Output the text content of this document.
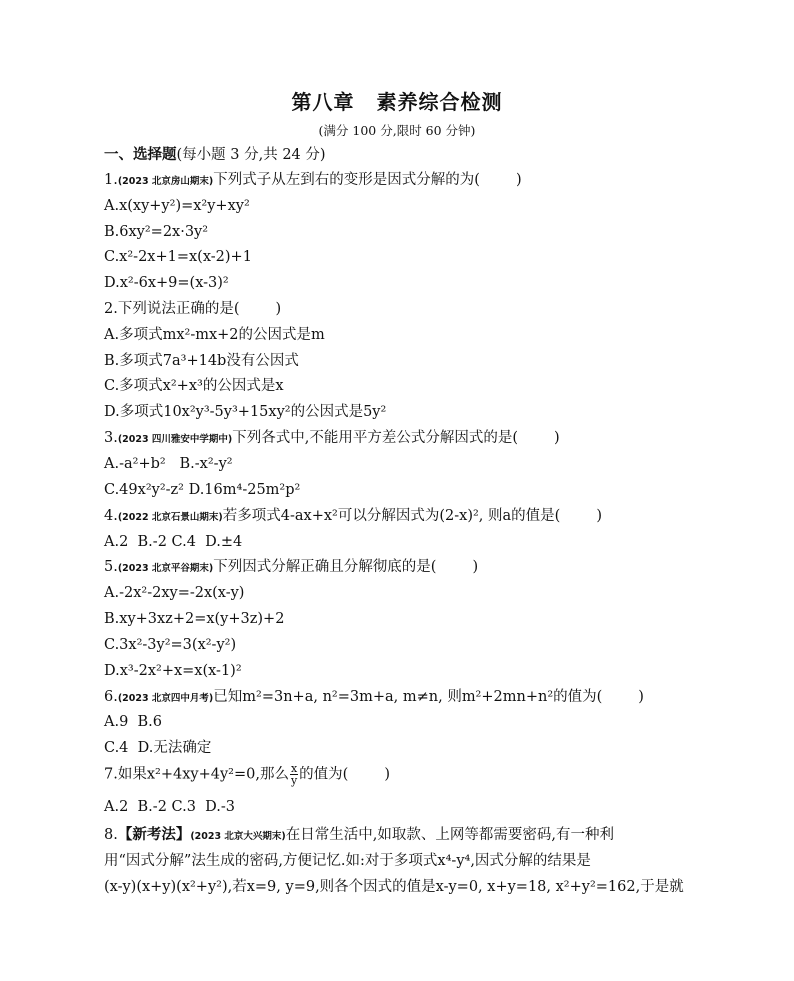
第八章 素养综合检测
(满分 100 分,限时 60 分钟)
一、选择题(每小题 3 分,共 24 分)
1.(2023 北京房山期末)下列式子从左到右的变形是因式分解的为( )
A.x(xy+y²)=x²y+xy²
B.6xy²=2x·3y²
C.x²-2x+1=x(x-2)+1
D.x²-6x+9=(x-3)²
2.下列说法正确的是( )
A.多项式mx²-mx+2的公因式是m
B.多项式7a³+14b没有公因式
C.多项式x²+x³的公因式是x
D.多项式10x²y³-5y³+15xy²的公因式是5y²
3.(2023 四川雅安中学期中)下列各式中,不能用平方差公式分解因式的是( )
A.-a²+b²   B.-x²-y²
C.49x²y²-z² D.16m⁴-25m²p²
4.(2022 北京石景山期末)若多项式4-ax+x²可以分解因式为(2-x)², 则a的值是( )
A.2  B.-2 C.4  D.±4
5.(2023 北京平谷期末)下列因式分解正确且分解彻底的是( )
A.-2x²-2xy=-2x(x-y)
B.xy+3xz+2=x(y+3z)+2
C.3x²-3y²=3(x²-y²)
D.x³-2x²+x=x(x-1)²
6.(2023 北京四中月考)已知m²=3n+a, n²=3m+a, m≠n, 则m²+2mn+n²的值为( )
A.9  B.6
C.4  D.无法确定
7.如果x²+4xy+4y²=0,那么 $\frac{x}{y}$ 的值为( )
A.2  B.-2 C.3  D.-3
8.【新考法】(2023 北京大兴期末)在日常生活中,如取款、上网等都需要密码,有一种利
用“因式分解”法生成的密码,方便记忆.如:对于多项式x⁴-y⁴,因式分解的结果是
(x-y)(x+y)(x²+y²),若x=9, y=9,则各个因式的值是x-y=0, x+y=18, x²+y²=162,于是就
